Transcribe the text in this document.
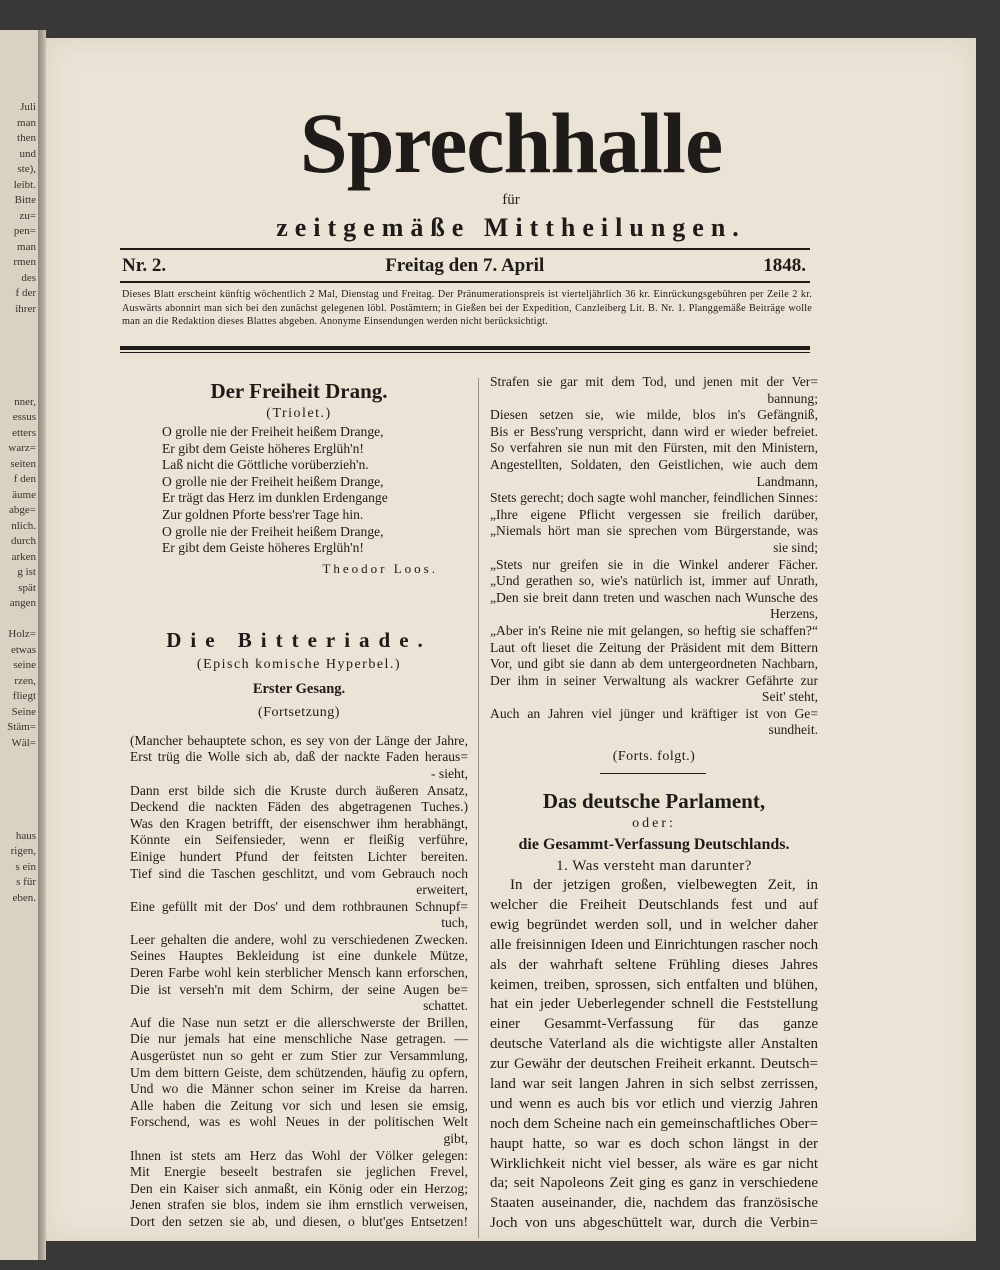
Juli
man
then
und
ste),
leibt.
Bitte
zu=
pen=
man
rmen
des
f der
ihrer
nner,
essus
etters
warz=
seiten
f den
äume
abge=
nlich.
durch
arken
g ist
spät
angen
Holz=
etwas
seine
rzen,
fliegt
Seine
Stäm=
Wäl=
haus
rigen,
s ein
s für
eben.
Sprechhalle
für
zeitgemäße Mittheilungen.
Nr. 2.	Freitag den 7. April	1848.
Dieses Blatt erscheint künftig wöchentlich 2 Mal, Dienstag und Freitag. Der Pränumerationspreis ist vierteljährlich 36 kr. Einrückungsgebühren per Zeile 2 kr. Auswärts abonnirt man sich bei den zunächst gelegenen löbl. Postämtern; in Gießen bei der Expedition, Canzleiberg Lit. B. Nr. 1. Planggemäße Beiträge wolle man an die Redaktion dieses Blattes abgeben. Anonyme Einsendungen werden nicht berücksichtigt.
Der Freiheit Drang.
(Triolet.)
O grolle nie der Freiheit heißem Drange,
Er gibt dem Geiste höheres Erglüh'n!
Laß nicht die Göttliche vorüberzieh'n.
O grolle nie der Freiheit heißem Drange,
Er trägt das Herz im dunklen Erdengange
Zur goldnen Pforte bess'rer Tage hin.
O grolle nie der Freiheit heißem Drange,
Er gibt dem Geiste höheres Erglüh'n!
Theodor Loos.
Die Bitteriade.
(Episch komische Hyperbel.)
Erster Gesang.
(Fortsetzung)
(Mancher behauptete schon, es sey von der Länge der Jahre,
Erst trüg die Wolle sich ab, daß der nackte Faden heraus=
- sieht,
Dann erst bilde sich die Kruste durch äußeren Ansatz,
Deckend die nackten Fäden des abgetragenen Tuches.)
Was den Kragen betrifft, der eisenschwer ihm herabhängt,
Könnte ein Seifensieder, wenn er fleißig verführe,
Einige hundert Pfund der feitsten Lichter bereiten.
Tief sind die Taschen geschlitzt, und vom Gebrauch noch
erweitert,
Eine gefüllt mit der Dos' und dem rothbraunen Schnupf=
tuch,
Leer gehalten die andere, wohl zu verschiedenen Zwecken.
Seines Hauptes Bekleidung ist eine dunkele Mütze,
Deren Farbe wohl kein sterblicher Mensch kann erforschen,
Die ist verseh'n mit dem Schirm, der seine Augen be=
schattet.
Auf die Nase nun setzt er die allerschwerste der Brillen,
Die nur jemals hat eine menschliche Nase getragen. —
Ausgerüstet nun so geht er zum Stier zur Versammlung,
Um dem bittern Geiste, dem schützenden, häufig zu opfern,
Und wo die Männer schon seiner im Kreise da harren.
Alle haben die Zeitung vor sich und lesen sie emsig,
Forschend, was es wohl Neues in der politischen Welt
gibt,
Ihnen ist stets am Herz das Wohl der Völker gelegen:
Mit Energie beseelt bestrafen sie jeglichen Frevel,
Den ein Kaiser sich anmaßt, ein König oder ein Herzog;
Jenen strafen sie blos, indem sie ihm ernstlich verweisen,
Dort den setzen sie ab, und diesen, o blut'ges Entsetzen!
Strafen sie gar mit dem Tod, und jenen mit der Ver=
bannung;
Diesen setzen sie, wie milde, blos in's Gefängniß,
Bis er Bess'rung verspricht, dann wird er wieder befreiet.
So verfahren sie nun mit den Fürsten, mit den Ministern,
Angestellten, Soldaten, den Geistlichen, wie auch dem
Landmann,
Stets gerecht; doch sagte wohl mancher, feindlichen Sinnes:
„Ihre eigene Pflicht vergessen sie freilich darüber,
„Niemals hört man sie sprechen vom Bürgerstande, was
sie sind;
„Stets nur greifen sie in die Winkel anderer Fächer.
„Und gerathen so, wie's natürlich ist, immer auf Unrath,
„Den sie breit dann treten und waschen nach Wunsche des
Herzens,
„Aber in's Reine nie mit gelangen, so heftig sie schaffen?“
Laut oft lieset die Zeitung der Präsident mit dem Bittern
Vor, und gibt sie dann ab dem untergeordneten Nachbarn,
Der ihm in seiner Verwaltung als wackrer Gefährte zur
Seit' steht,
Auch an Jahren viel jünger und kräftiger ist von Ge=
sundheit.
(Forts. folgt.)
Das deutsche Parlament,
oder:
die Gesammt-Verfassung Deutschlands.
1. Was versteht man darunter?
In der jetzigen großen, vielbewegten Zeit, in
welcher die Freiheit Deutschlands fest und auf
ewig begründet werden soll, und in welcher daher
alle freisinnigen Ideen und Einrichtungen rascher noch
als der wahrhaft seltene Frühling dieses Jahres
keimen, treiben, sprossen, sich entfalten und blühen,
hat ein jeder Ueberlegender schnell die Feststellung
einer Gesammt-Verfassung für das ganze
deutsche Vaterland als die wichtigste aller Anstalten
zur Gewähr der deutschen Freiheit erkannt. Deutsch=
land war seit langen Jahren in sich selbst zerrissen,
und wenn es auch bis vor etlich und vierzig Jahren
noch dem Scheine nach ein gemeinschaftliches Ober=
haupt hatte, so war es doch schon längst in der
Wirklichkeit nicht viel besser, als wäre es gar nicht
da; seit Napoleons Zeit ging es ganz in verschiedene
Staaten auseinander, die, nachdem das französische
Joch von uns abgeschüttelt war, durch die Verbin=
